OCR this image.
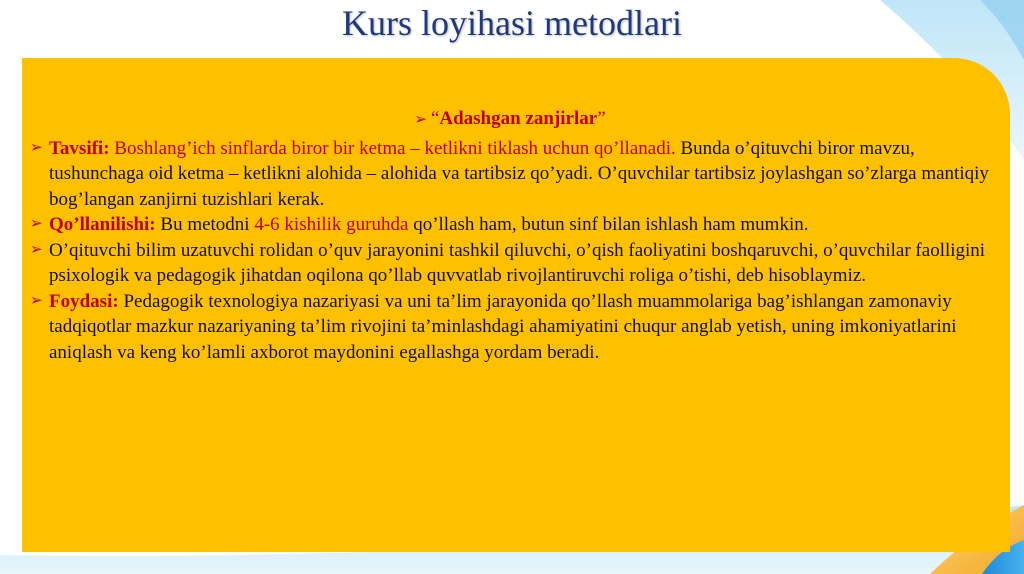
Kurs loyihasi metodlari
➢ “Adashgan zanjirlar”
➢ Tavsifi: Boshlang’ich sinflarda biror bir ketma – ketlikni tiklash uchun qo’llanadi. Bunda o’qituvchi biror mavzu, tushunchaga oid ketma – ketlikni alohida – alohida va tartibsiz qo’yadi. O’quvchilar tartibsiz joylashgan so’zlarga mantiqiy bog’langan zanjirni tuzishlari kerak.
➢ Qo’llanilishi: Bu metodni 4-6 kishilik guruhda qo’llash ham, butun sinf bilan ishlash ham mumkin.
➢ O’qituvchi bilim uzatuvchi rolidan o’quv jarayonini tashkil qiluvchi, o’qish faoliyatini boshqaruvchi, o’quvchilar faolligini psixologik va pedagogik jihatdan oqilona qo’llab quvvatlab rivojlantiruvchi roliga o’tishi, deb hisoblaymiz.
➢ Foydasi: Pedagogik texnologiya nazariyasi va uni ta’lim jarayonida qo’llash muammolariga bag’ishlangan zamonaviy tadqiqotlar mazkur nazariyaning ta’lim rivojini ta’minlashdagi ahamiyatini chuqur anglab yetish, uning imkoniyatlarini aniqlash va keng ko’lamli axborot maydonini egallashga yordam beradi.
